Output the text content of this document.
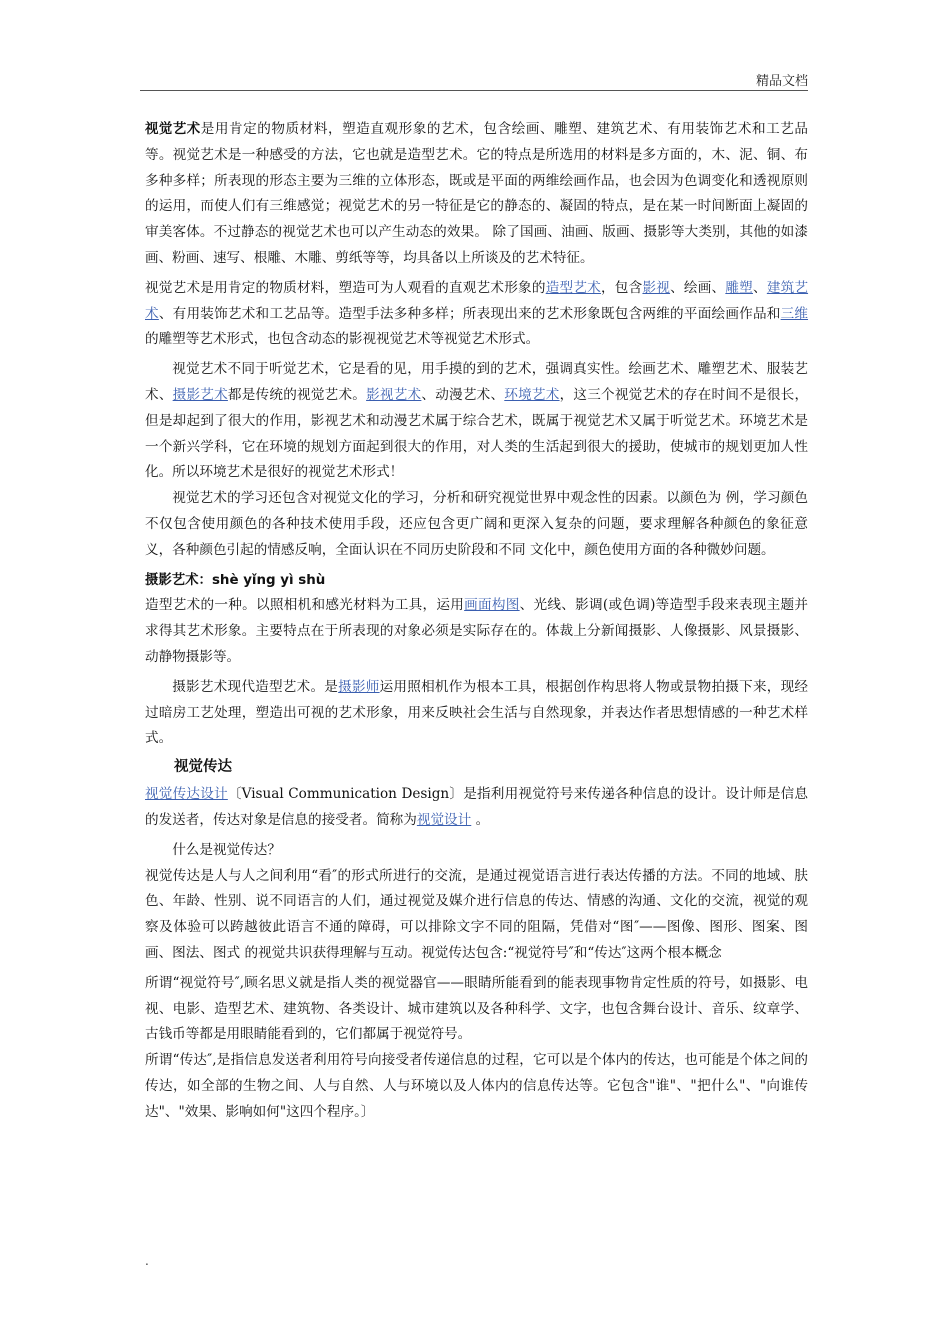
精品文档

视觉艺术是用肯定的物质材料，塑造直观形象的艺术，包含绘画、雕塑、建筑艺术、有用装饰艺术和工艺品等。视觉艺术是一种感受的方法，它也就是造型艺术。它的特点是所选用的材料是多方面的，木、泥、铜、布多种多样；所表现的形态主要为三维的立体形态，既或是平面的两维绘画作品，也会因为色调变化和透视原则的运用，而使人们有三维感觉；视觉艺术的另一特征是它的静态的、凝固的特点，是在某一时间断面上凝固的审美客体。不过静态的视觉艺术也可以产生动态的效果。 除了国画、油画、版画、摄影等大类别，其他的如漆画、粉画、速写、根雕、木雕、剪纸等等，均具备以上所谈及的艺术特征。

视觉艺术是用肯定的物质材料，塑造可为人观看的直观艺术形象的造型艺术，包含影视、绘画、雕塑、建筑艺术、有用装饰艺术和工艺品等。造型手法多种多样；所表现出来的艺术形象既包含两维的平面绘画作品和三维的雕塑等艺术形式，也包含动态的影视视觉艺术等视觉艺术形式。

视觉艺术不同于听觉艺术，它是看的见，用手摸的到的艺术，强调真实性。绘画艺术、雕塑艺术、服装艺术、摄影艺术都是传统的视觉艺术。影视艺术、动漫艺术、环境艺术，这三个视觉艺术的存在时间不是很长，但是却起到了很大的作用，影视艺术和动漫艺术属于综合艺术，既属于视觉艺术又属于听觉艺术。环境艺术是一个新兴学科，它在环境的规划方面起到很大的作用，对人类的生活起到很大的援助，使城市的规划更加人性化。所以环境艺术是很好的视觉艺术形式！

视觉艺术的学习还包含对视觉文化的学习，分析和研究视觉世界中观念性的因素。以颜色为 例，学习颜色不仅包含使用颜色的各种技术使用手段，还应包含更广阔和更深入复杂的问题，要求理解各种颜色的象征意义，各种颜色引起的情感反响，全面认识在不同历史阶段和不同 文化中，颜色使用方面的各种微妙问题。

摄影艺术：shè yǐng yì shù

造型艺术的一种。以照相机和感光材料为工具，运用画面构图、光线、影调(或色调)等造型手段来表现主题并求得其艺术形象。主要特点在于所表现的对象必须是实际存在的。体裁上分新闻摄影、人像摄影、风景摄影、动静物摄影等。

摄影艺术现代造型艺术。是摄影师运用照相机作为根本工具，根据创作构思将人物或景物拍摄下来，现经过暗房工艺处理，塑造出可视的艺术形象，用来反映社会生活与自然现象，并表达作者思想情感的一种艺术样式。

视觉传达

视觉传达设计〔Visual Communication Design〕是指利用视觉符号来传递各种信息的设计。设计师是信息的发送者，传达对象是信息的接受者。简称为视觉设计 。

什么是视觉传达？

视觉传达是人与人之间利用“看″的形式所进行的交流，是通过视觉语言进行表达传播的方法。不同的地域、肤色、年龄、性别、说不同语言的人们，通过视觉及媒介进行信息的传达、情感的沟通、文化的交流，视觉的观察及体验可以跨越彼此语言不通的障碍，可以排除文字不同的阻隔，凭借对“图″——图像、图形、图案、图画、图法、图式 的视觉共识获得理解与互动。视觉传达包含:“视觉符号″和“传达″这两个根本概念

所谓“视觉符号″,顾名思义就是指人类的视觉器官——眼睛所能看到的能表现事物肯定性质的符号，如摄影、电视、电影、造型艺术、建筑物、各类设计、城市建筑以及各种科学、文字，也包含舞台设计、音乐、纹章学、古钱币等都是用眼睛能看到的，它们都属于视觉符号。

所谓“传达″,是指信息发送者利用符号向接受者传递信息的过程，它可以是个体内的传达，也可能是个体之间的传达，如全部的生物之间、人与自然、人与环境以及人体内的信息传达等。它包含"谁"、"把什么"、"向谁传达"、"效果、影响如何"这四个程序。〕

.
